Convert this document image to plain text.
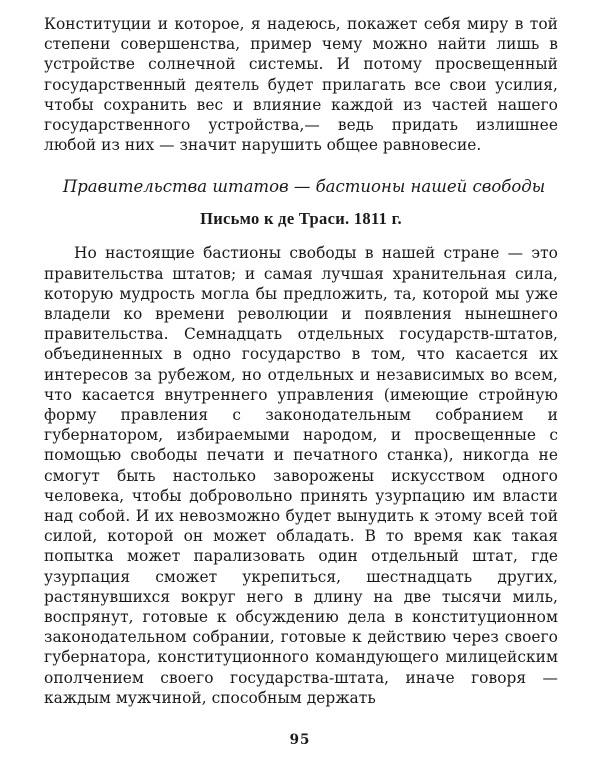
Конституции и которое, я надеюсь, покажет себя миру в той степени совершенства, пример чему можно найти лишь в устройстве солнечной системы. И потому просвещенный государственный деятель будет прилагать все свои усилия, чтобы сохранить вес и влияние каждой из частей нашего государственного устройства,— ведь придать излишнее любой из них — значит нарушить общее равновесие.

Правительства штатов — бастионы нашей свободы
Письмо к де Траси. 1811 г.

Но настоящие бастионы свободы в нашей стране — это правительства штатов; и самая лучшая хранительная сила, которую мудрость могла бы предложить, та, которой мы уже владели ко времени революции и появления нынешнего правительства. Семнадцать отдельных государств-штатов, объединенных в одно государство в том, что касается их интересов за рубежом, но отдельных и независимых во всем, что касается внутреннего управления (имеющие стройную форму правления с законодательным собранием и губернатором, избираемыми народом, и просвещенные с помощью свободы печати и печатного станка), никогда не смогут быть настолько заворожены искусством одного человека, чтобы добровольно принять узурпацию им власти над собой. И их невозможно будет вынудить к этому всей той силой, которой он может обладать. В то время как такая попытка может парализовать один отдельный штат, где узурпация сможет укрепиться, шестнадцать других, растянувшихся вокруг него в длину на две тысячи миль, воспрянут, готовые к обсуждению дела в конституционном законодательном собрании, готовые к действию через своего губернатора, конституционного командующего милицейским ополчением своего государства-штата, иначе говоря — каждым мужчиной, способным держать

95
